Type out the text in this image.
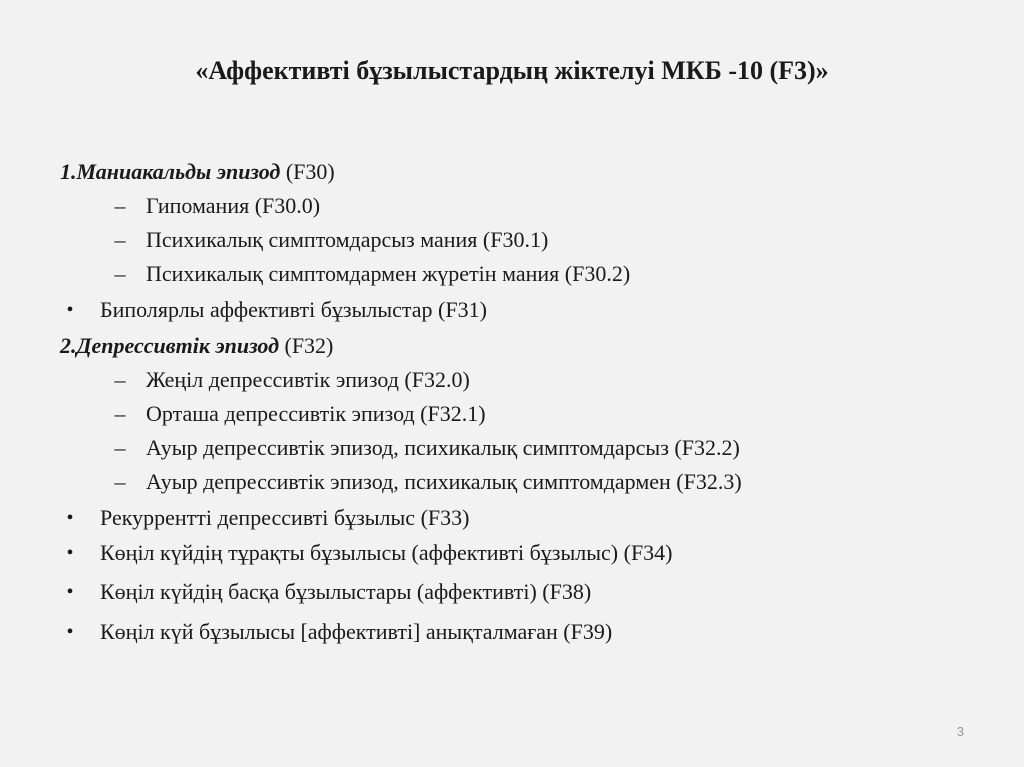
«Аффективті бұзылыстардың жіктелуі МКБ -10 (F3)»
1.Маниакальды эпизод (F30)
– Гипомания (F30.0)
– Психикалық симптомдарсыз мания (F30.1)
– Психикалық симптомдармен жүретін мания (F30.2)
• Биполярлы аффективті бұзылыстар (F31)
2.Депрессивтік эпизод (F32)
– Жеңіл депрессивтік эпизод (F32.0)
– Орташа депрессивтік эпизод (F32.1)
– Ауыр депрессивтік эпизод, психикалық симптомдарсыз (F32.2)
– Ауыр депрессивтік эпизод, психикалық симптомдармен (F32.3)
• Рекуррентті депрессивті бұзылыс (F33)
• Көңіл күйдің тұрақты бұзылысы (аффективті бұзылыс) (F34)
• Көңіл күйдің басқа бұзылыстары (аффективті) (F38)
• Көңіл күй бұзылысы [аффективті] анықталмаған (F39)
3
